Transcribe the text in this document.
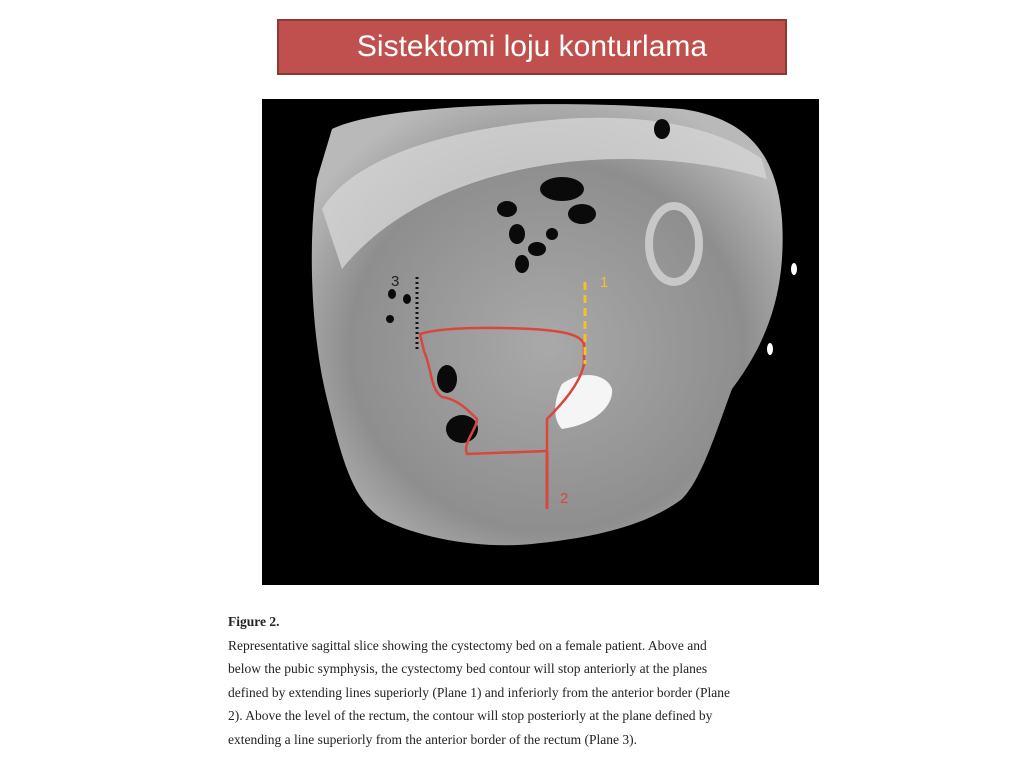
Sistektomi loju konturlama
1
2
3
Figure 2.
Representative sagittal slice showing the cystectomy bed on a female patient. Above and
below the pubic symphysis, the cystectomy bed contour will stop anteriorly at the planes
defined by extending lines superiorly (Plane 1) and inferiorly from the anterior border (Plane
2). Above the level of the rectum, the contour will stop posteriorly at the plane defined by
extending a line superiorly from the anterior border of the rectum (Plane 3).
